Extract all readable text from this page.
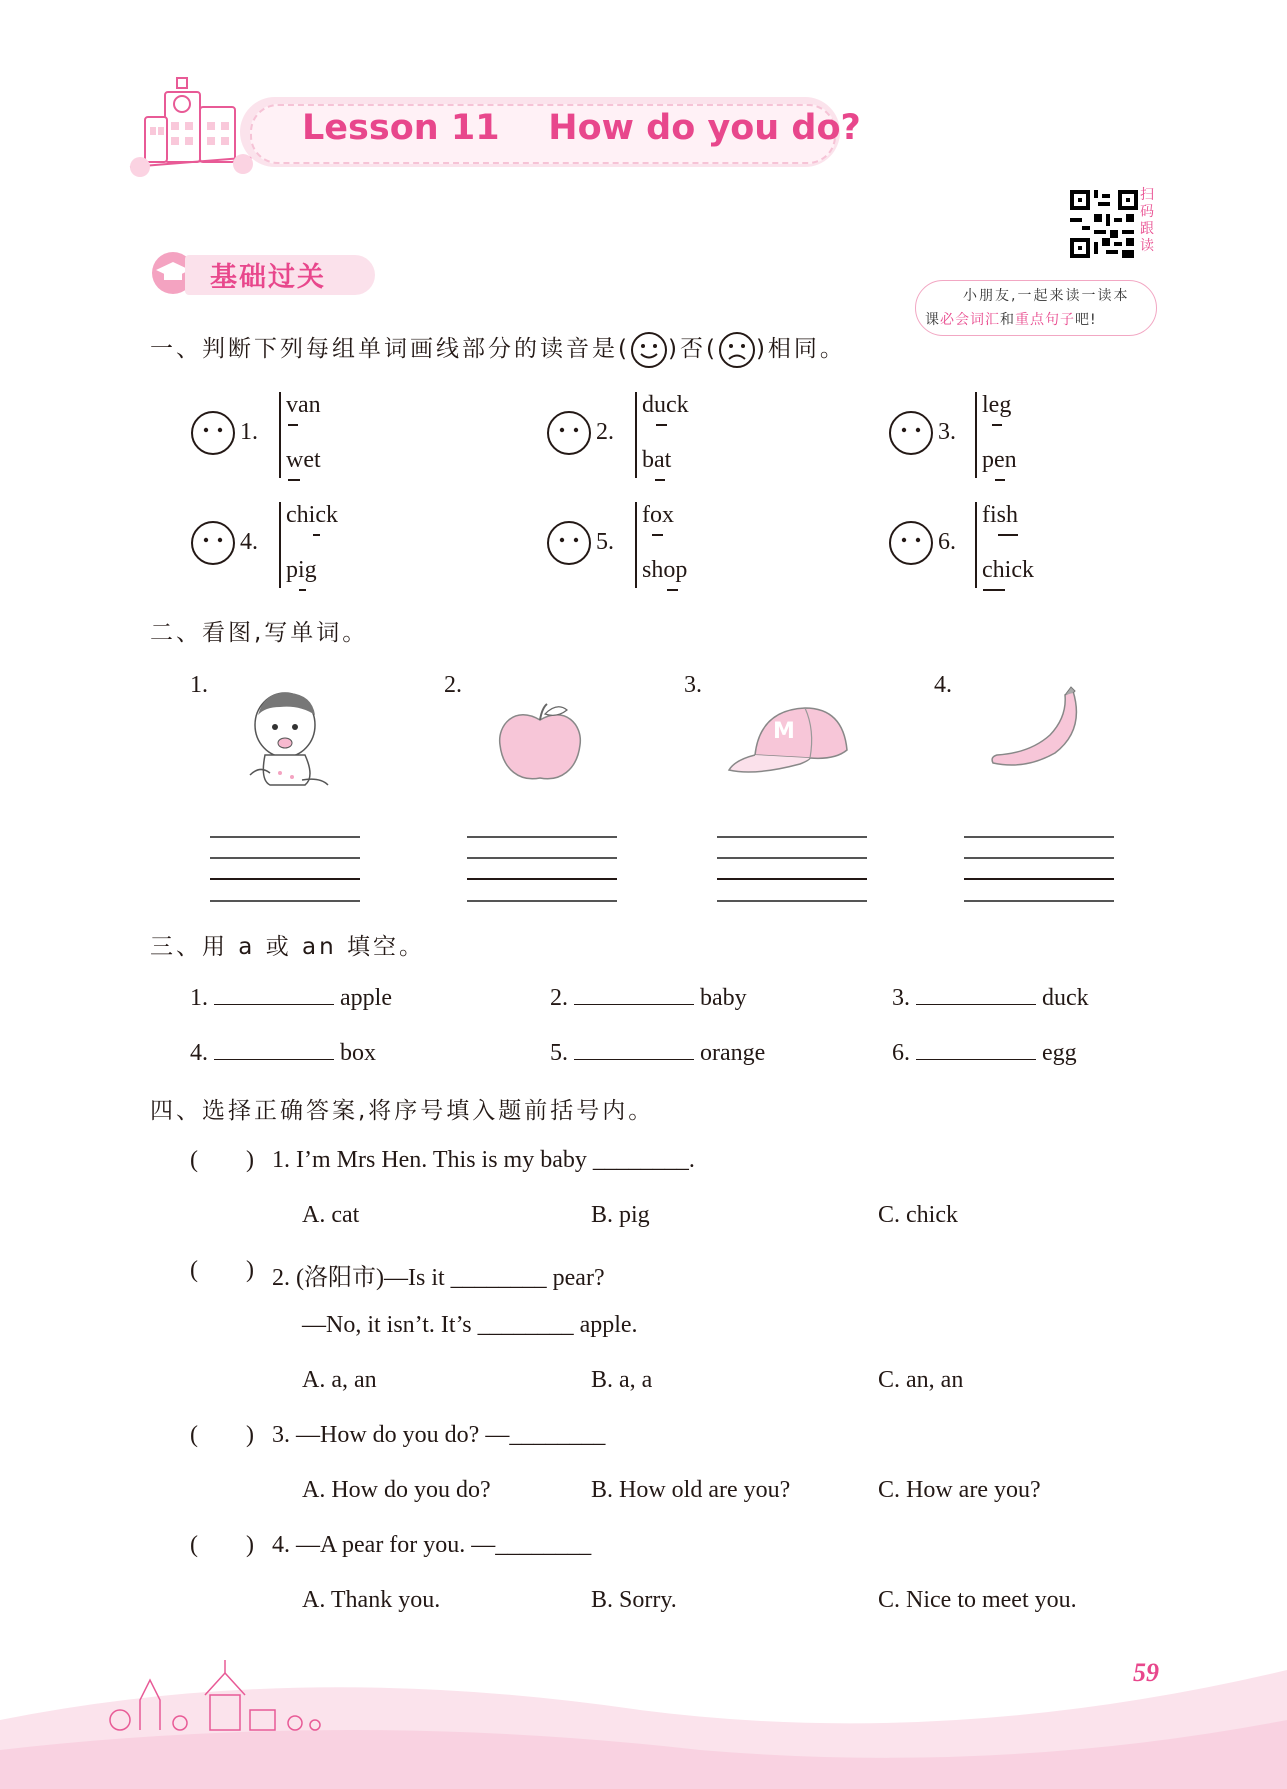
Lesson 11    How do you do?
扫码跟读
基础过关
小朋友,一起来读一读本
课必会词汇和重点句子吧!
一、判断下列每组单词画线部分的读音是( )否( )相同。
1.
van
wet
2.
duck
bat
3.
leg
pen
4.
chick
pig
5.
fox
shop
6.
fish
chick
二、看图,写单词。
1.	2.	3.
M
4.
三、用 a 或 an 填空。
1.	apple	2.	baby	3.	duck
4.	box	5.	orange	6.	egg
四、选择正确答案,将序号填入题前括号内。
(        ) 1. I’m Mrs Hen. This is my baby ________.
A. cat	B. pig	C. chick
(        ) 2. (洛阳市)—Is it ________ pear?
—No, it isn’t. It’s ________ apple.
A. a, an	B. a, a	C. an, an
(        ) 3. —How do you do? —________
A. How do you do?	B. How old are you?	C. How are you?
(        ) 4. —A pear for you. —________
A. Thank you.	B. Sorry.	C. Nice to meet you.
59
